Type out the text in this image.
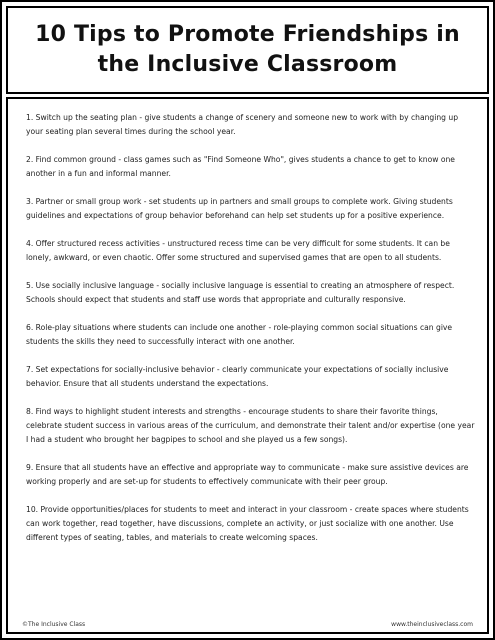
10 Tips to Promote Friendships in the Inclusive Classroom

1. Switch up the seating plan - give students a change of scenery and someone new to work with by changing up your seating plan several times during the school year.

2. Find common ground - class games such as "Find Someone Who", gives students a chance to get to know one another in a fun and informal manner.

3. Partner or small group work - set students up in partners and small groups to complete work. Giving students guidelines and expectations of group behavior beforehand can help set students up for a positive experience.

4. Offer structured recess activities - unstructured recess time can be very difficult for some students. It can be lonely, awkward, or even chaotic. Offer some structured and supervised games that are open to all students.

5. Use socially inclusive language - socially inclusive language is essential to creating an atmosphere of respect. Schools should expect that students and staff use words that appropriate and culturally responsive.

6. Role-play situations where students can include one another - role-playing common social situations can give students the skills they need to successfully interact with one another.

7. Set expectations for socially-inclusive behavior - clearly communicate your expectations of socially inclusive behavior. Ensure that all students understand the expectations.

8. Find ways to highlight student interests and strengths - encourage students to share their favorite things, celebrate student success in various areas of the curriculum, and demonstrate their talent and/or expertise (one year I had a student who brought her bagpipes to school and she played us a few songs).

9. Ensure that all students have an effective and appropriate way to communicate - make sure assistive devices are working properly and are set-up for students to effectively communicate with their peer group.

10. Provide opportunities/places for students to meet and interact in your classroom - create spaces where students can work together, read together, have discussions, complete an activity, or just socialize with one another. Use different types of seating, tables, and materials to create welcoming spaces.

©The Inclusive Class	www.theinclusiveclass.com
